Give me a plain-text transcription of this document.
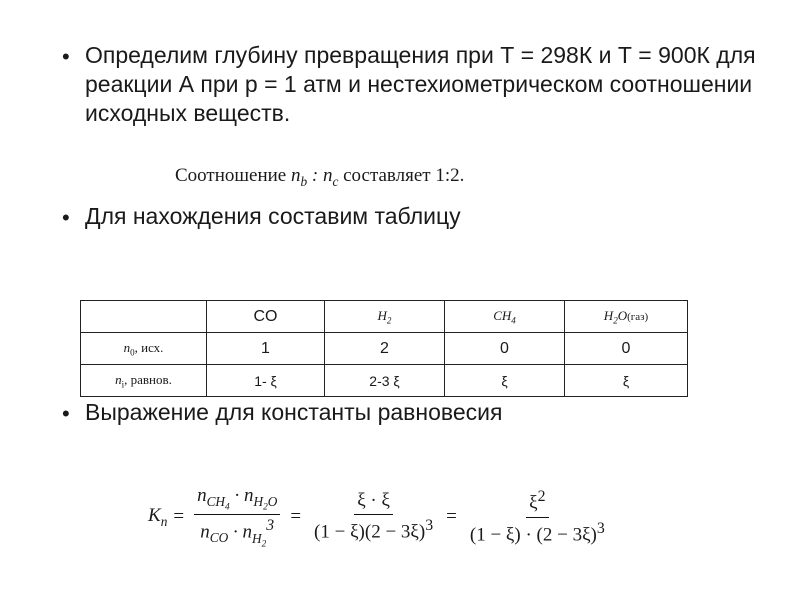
• Определим глубину превращения при Т = 298К и Т = 900К для реакции А при р = 1 атм и нестехиометрическом соотношении исходных веществ.
Соотношение $n_b$ : $n_c$ составляет 1:2.
• Для нахождения составим таблицу
	CO	$H_2$	$CH_4$	$H_2O(газ)$
$n_0$, исх.	1	2	0	0
$n_i$, равнов.	1- ξ	2-3 ξ	ξ	ξ
• Выражение для константы равновесия
$K_n = \frac{n_{CH_4} \cdot n_{H_2O}}{n_{CO} \cdot n_{H_2}^3} = \frac{\xi \cdot \xi}{(1 - \xi)(2 - 3\xi)^3} = \frac{\xi^2}{(1 - \xi) \cdot (2 - 3\xi)^3}$
